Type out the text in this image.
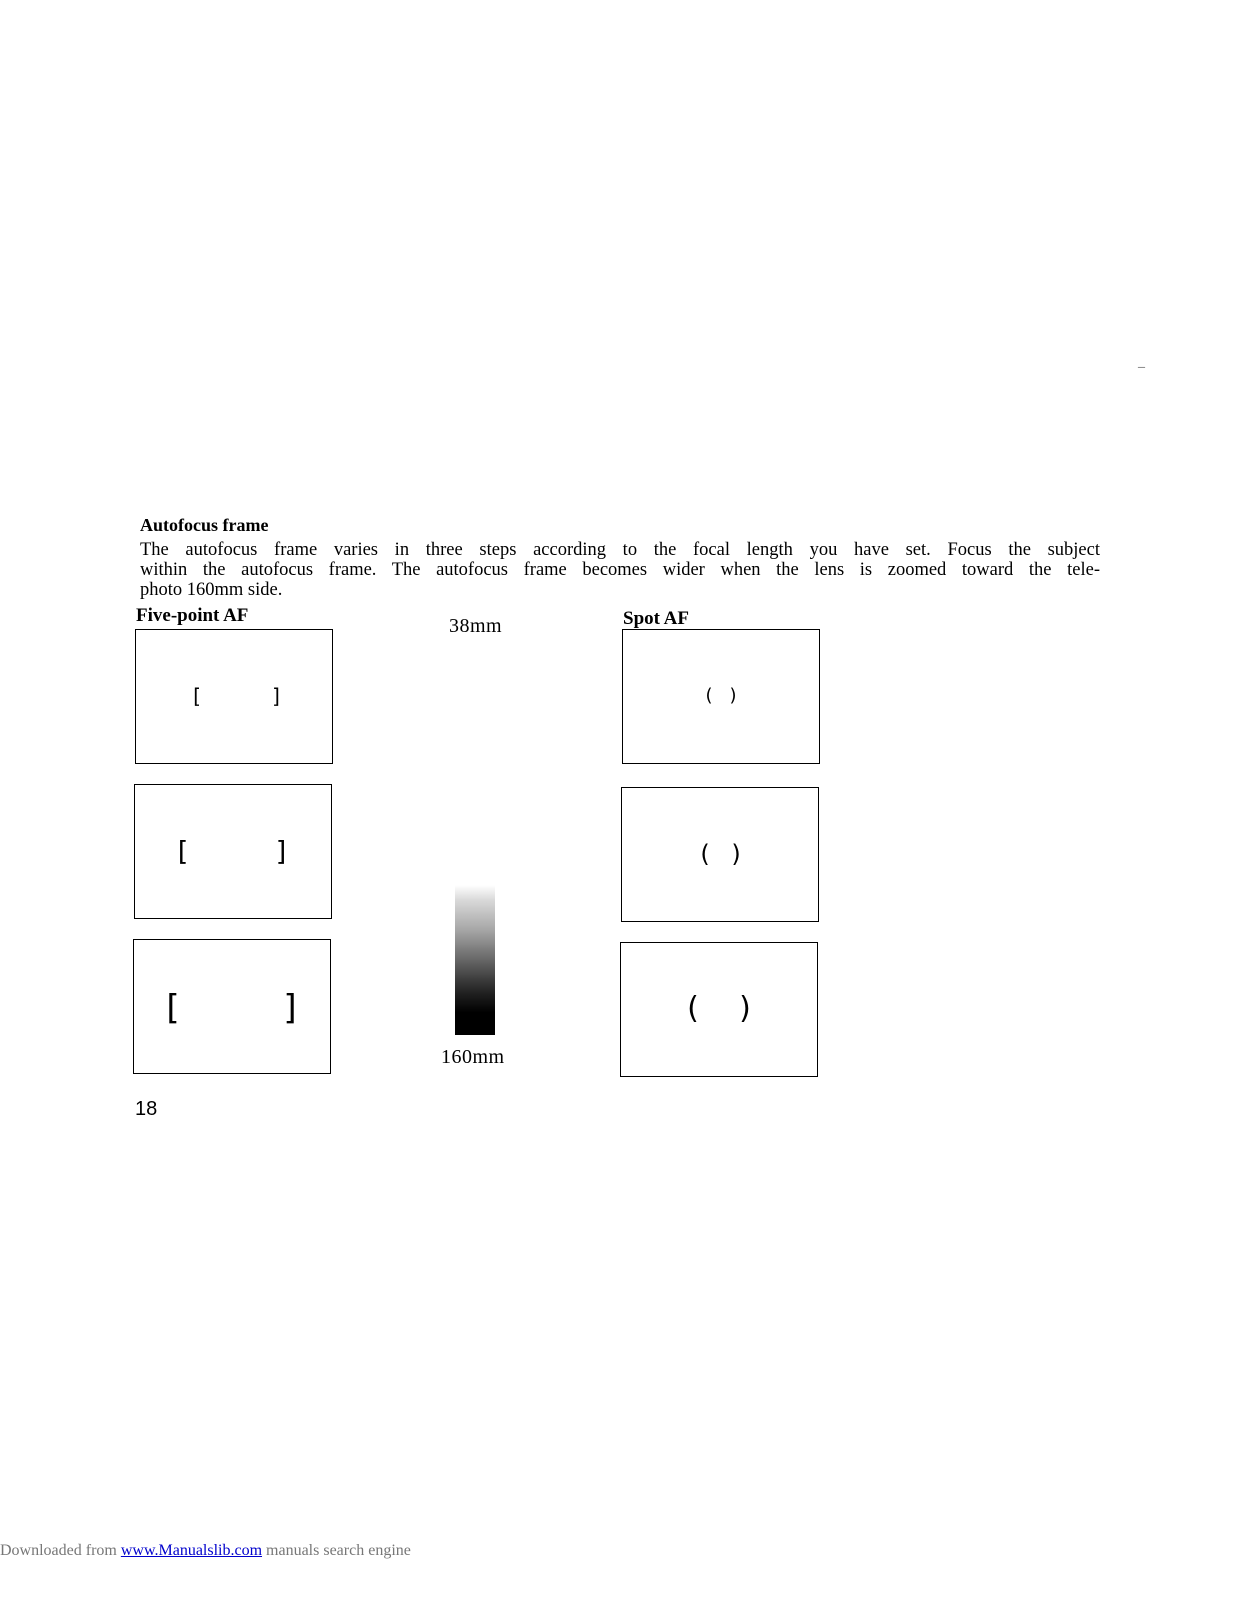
_
Autofocus frame
The autofocus frame varies in three steps according to the focal length you have set. Focus the subject
within the autofocus frame. The autofocus frame becomes wider when the lens is zoomed toward the tele-
photo 160mm side.
Five-point AF	Spot AF
38mm
160mm
[	]
[	]
[	]
( )
( )
( )
18
Downloaded from www.Manualslib.com manuals search engine
